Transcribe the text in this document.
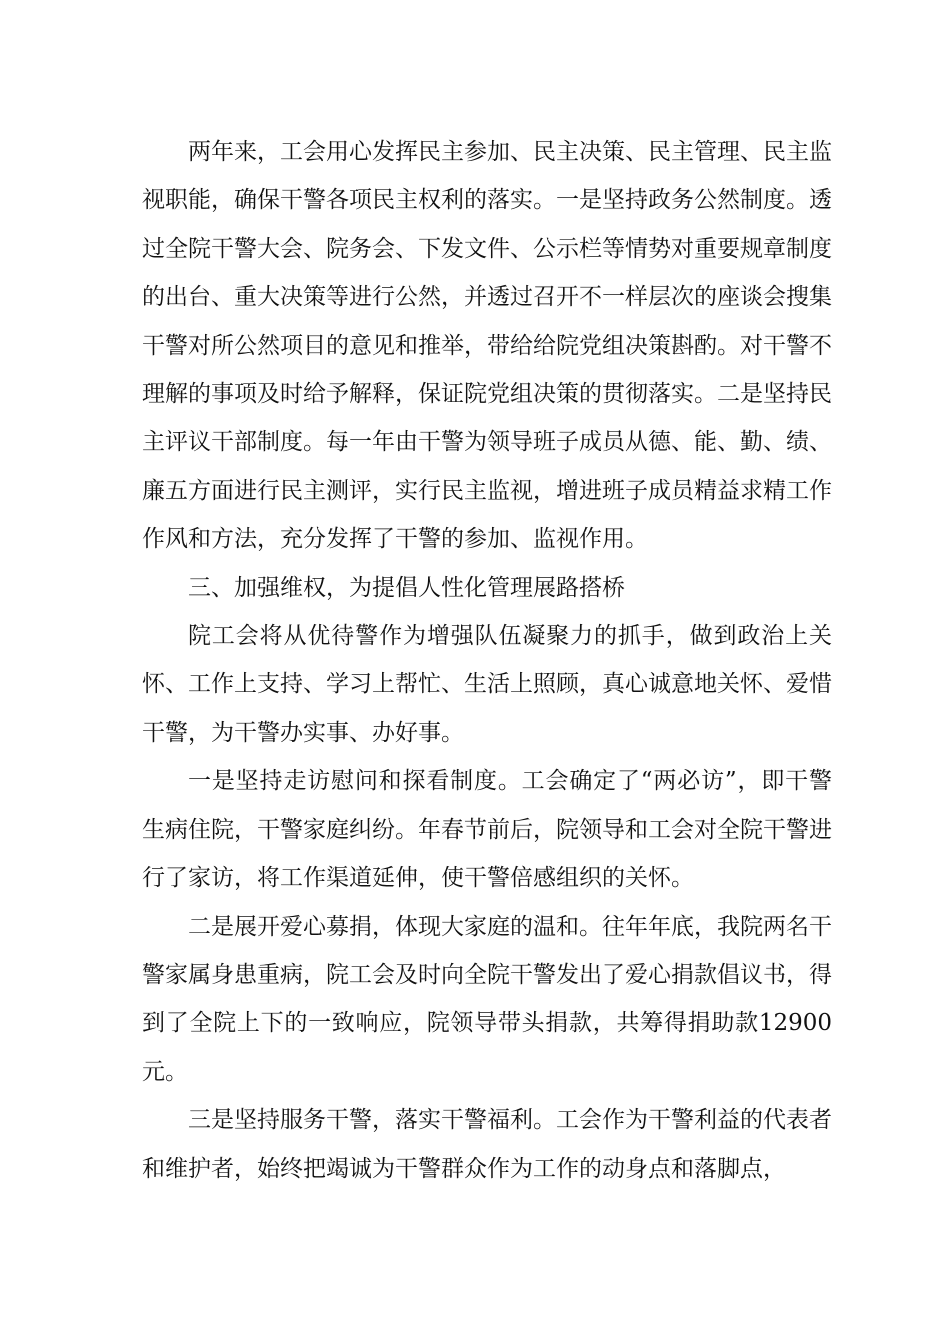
两年来，工会用心发挥民主参加、民主决策、民主管理、民主监视职能，确保干警各项民主权利的落实。一是坚持政务公然制度。透过全院干警大会、院务会、下发文件、公示栏等情势对重要规章制度的出台、重大决策等进行公然，并透过召开不一样层次的座谈会搜集干警对所公然项目的意见和推举，带给给院党组决策斟酌。对干警不理解的事项及时给予解释，保证院党组决策的贯彻落实。二是坚持民主评议干部制度。每一年由干警为领导班子成员从德、能、勤、绩、廉五方面进行民主测评，实行民主监视，增进班子成员精益求精工作作风和方法，充分发挥了干警的参加、监视作用。

三、加强维权，为提倡人性化管理展路搭桥

院工会将从优待警作为增强队伍凝聚力的抓手，做到政治上关怀、工作上支持、学习上帮忙、生活上照顾，真心诚意地关怀、爱惜干警，为干警办实事、办好事。

一是坚持走访慰问和探看制度。工会确定了“两必访”，即干警生病住院，干警家庭纠纷。年春节前后，院领导和工会对全院干警进行了家访，将工作渠道延伸，使干警倍感组织的关怀。

二是展开爱心募捐，体现大家庭的温和。往年年底，我院两名干警家属身患重病，院工会及时向全院干警发出了爱心捐款倡议书，得到了全院上下的一致响应，院领导带头捐款，共筹得捐助款12900元。

三是坚持服务干警，落实干警福利。工会作为干警利益的代表者和维护者，始终把竭诚为干警群众作为工作的动身点和落脚点，
